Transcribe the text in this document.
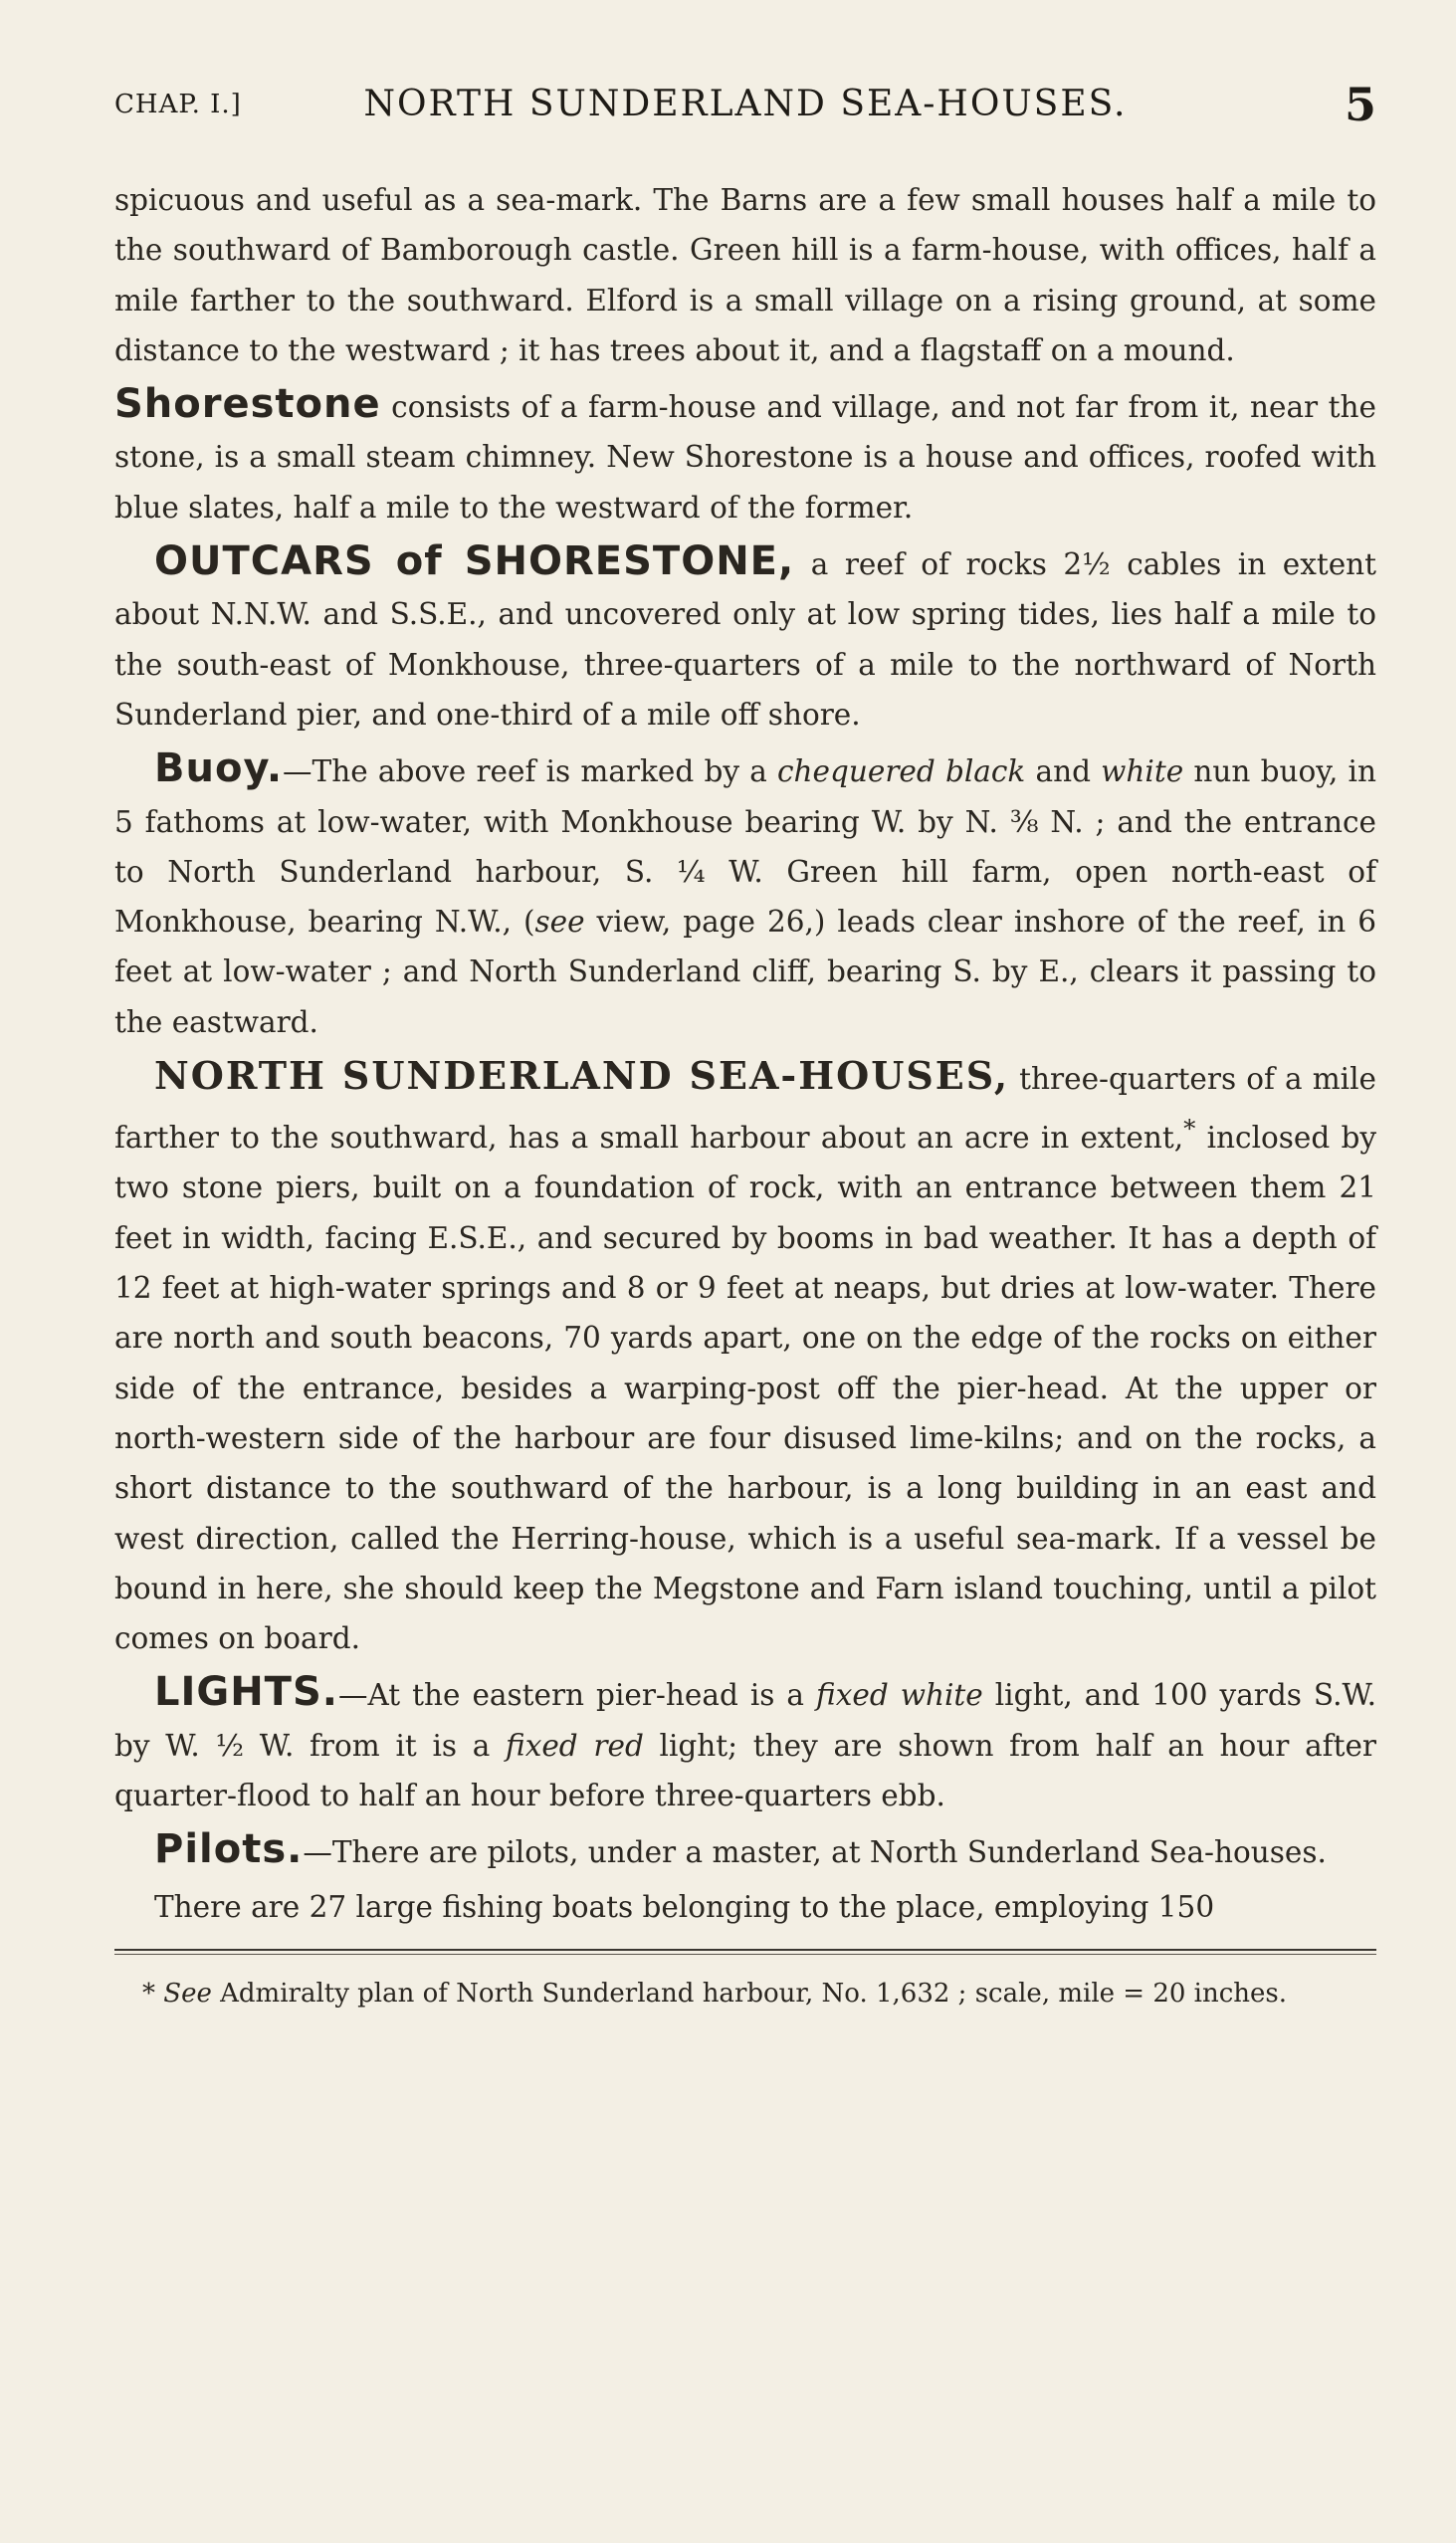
CHAP. I.]	NORTH SUNDERLAND SEA-HOUSES.	5

spicuous and useful as a sea-mark. The Barns are a few small houses half a mile to the southward of Bamborough castle. Green hill is a farm-house, with offices, half a mile farther to the southward. Elford is a small village on a rising ground, at some distance to the westward ; it has trees about it, and a flagstaff on a mound.

Shorestone consists of a farm-house and village, and not far from it, near the stone, is a small steam chimney. New Shorestone is a house and offices, roofed with blue slates, half a mile to the westward of the former.

OUTCARS of SHORESTONE, a reef of rocks 2½ cables in extent about N.N.W. and S.S.E., and uncovered only at low spring tides, lies half a mile to the south-east of Monkhouse, three-quarters of a mile to the northward of North Sunderland pier, and one-third of a mile off shore.

Buoy.—The above reef is marked by a chequered black and white nun buoy, in 5 fathoms at low-water, with Monkhouse bearing W. by N. ⅜ N. ; and the entrance to North Sunderland harbour, S. ¼ W. Green hill farm, open north-east of Monkhouse, bearing N.W., (see view, page 26,) leads clear inshore of the reef, in 6 feet at low-water ; and North Sunderland cliff, bearing S. by E., clears it passing to the eastward.

NORTH SUNDERLAND SEA-HOUSES, three-quarters of a mile farther to the southward, has a small harbour about an acre in extent,* inclosed by two stone piers, built on a foundation of rock, with an entrance between them 21 feet in width, facing E.S.E., and secured by booms in bad weather. It has a depth of 12 feet at high-water springs and 8 or 9 feet at neaps, but dries at low-water. There are north and south beacons, 70 yards apart, one on the edge of the rocks on either side of the entrance, besides a warping-post off the pier-head. At the upper or north-western side of the harbour are four disused lime-kilns; and on the rocks, a short distance to the southward of the harbour, is a long building in an east and west direction, called the Herring-house, which is a useful sea-mark. If a vessel be bound in here, she should keep the Megstone and Farn island touching, until a pilot comes on board.

LIGHTS.—At the eastern pier-head is a fixed white light, and 100 yards S.W. by W. ½ W. from it is a fixed red light; they are shown from half an hour after quarter-flood to half an hour before three-quarters ebb.

Pilots.—There are pilots, under a master, at North Sunderland Sea-houses.

There are 27 large fishing boats belonging to the place, employing 150

* See Admiralty plan of North Sunderland harbour, No. 1,632 ; scale, mile = 20 inches.
